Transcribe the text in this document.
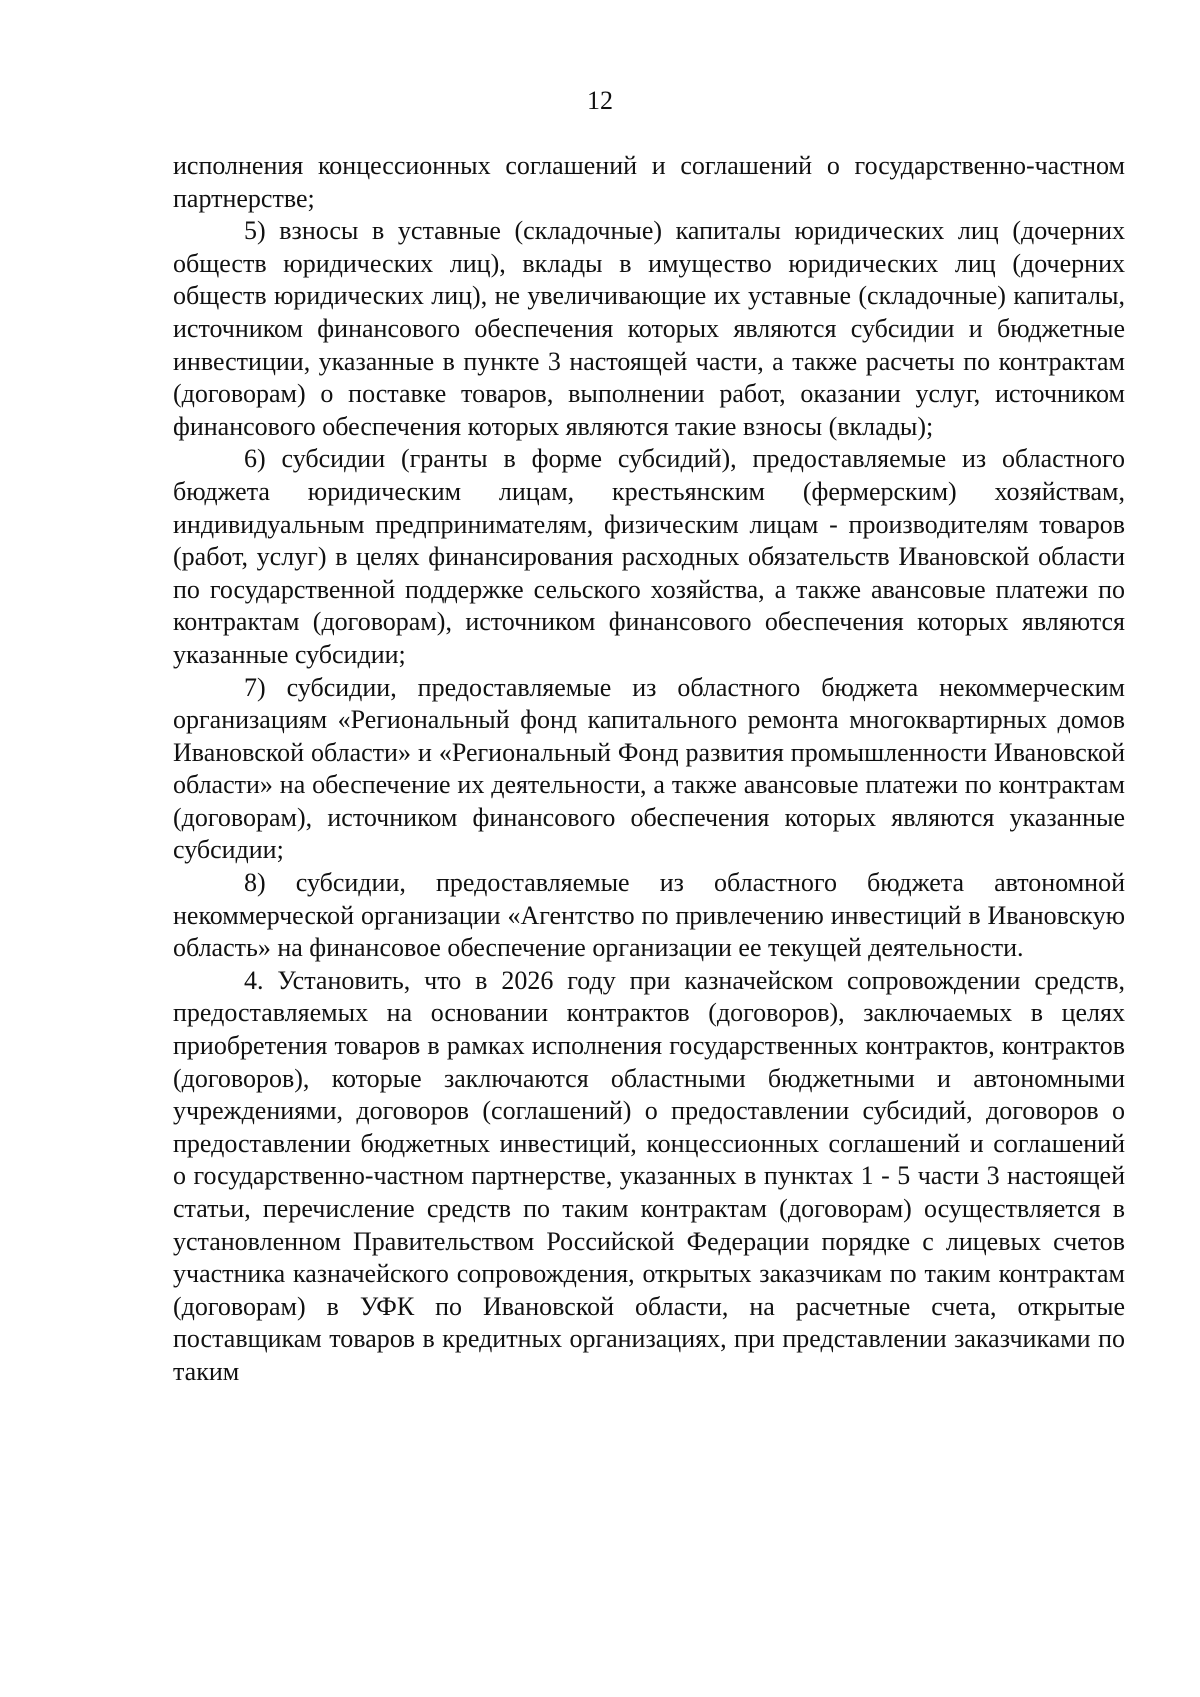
12

исполнения концессионных соглашений и соглашений о государственно-частном партнерстве;

5) взносы в уставные (складочные) капиталы юридических лиц (дочерних обществ юридических лиц), вклады в имущество юридических лиц (дочерних обществ юридических лиц), не увеличивающие их уставные (складочные) капиталы, источником финансового обеспечения которых являются субсидии и бюджетные инвестиции, указанные в пункте 3 настоящей части, а также расчеты по контрактам (договорам) о поставке товаров, выполнении работ, оказании услуг, источником финансового обеспечения которых являются такие взносы (вклады);

6) субсидии (гранты в форме субсидий), предоставляемые из областного бюджета юридическим лицам, крестьянским (фермерским) хозяйствам, индивидуальным предпринимателям, физическим лицам - производителям товаров (работ, услуг) в целях финансирования расходных обязательств Ивановской области по государственной поддержке сельского хозяйства, а также авансовые платежи по контрактам (договорам), источником финансового обеспечения которых являются указанные субсидии;

7) субсидии, предоставляемые из областного бюджета некоммерческим организациям «Региональный фонд капитального ремонта многоквартирных домов Ивановской области» и «Региональный Фонд развития промышленности Ивановской области» на обеспечение их деятельности, а также авансовые платежи по контрактам (договорам), источником финансового обеспечения которых являются указанные субсидии;

8) субсидии, предоставляемые из областного бюджета автономной некоммерческой организации «Агентство по привлечению инвестиций в Ивановскую область» на финансовое обеспечение организации ее текущей деятельности.

4. Установить, что в 2026 году при казначейском сопровождении средств, предоставляемых на основании контрактов (договоров), заключаемых в целях приобретения товаров в рамках исполнения государственных контрактов, контрактов (договоров), которые заключаются областными бюджетными и автономными учреждениями, договоров (соглашений) о предоставлении субсидий, договоров о предоставлении бюджетных инвестиций, концессионных соглашений и соглашений о государственно-частном партнерстве, указанных в пунктах 1 - 5 части 3 настоящей статьи, перечисление средств по таким контрактам (договорам) осуществляется в установленном Правительством Российской Федерации порядке с лицевых счетов участника казначейского сопровождения, открытых заказчикам по таким контрактам (договорам) в УФК по Ивановской области, на расчетные счета, открытые поставщикам товаров в кредитных организациях, при представлении заказчиками по таким
